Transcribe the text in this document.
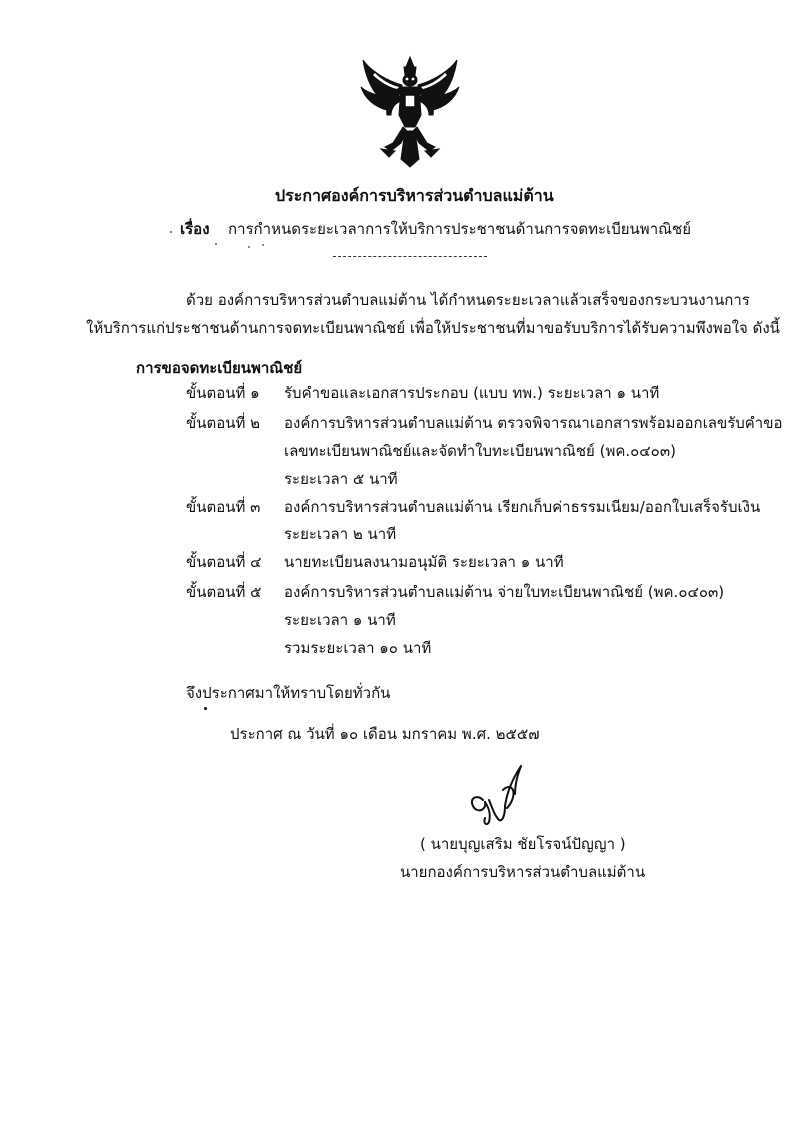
ประกาศองค์การบริหารส่วนตำบลแม่ต้าน
เรื่อง การกำหนดระยะเวลาการให้บริการประชาชนด้านการจดทะเบียนพาณิชย์
ด้วย องค์การบริหารส่วนตำบลแม่ต้าน ได้กำหนดระยะเวลาแล้วเสร็จของกระบวนงานการ
ให้บริการแก่ประชาชนด้านการจดทะเบียนพาณิชย์ เพื่อให้ประชาชนที่มาขอรับบริการได้รับความพึงพอใจ ดังนี้
การขอจดทะเบียนพาณิชย์
ขั้นตอนที่ ๑ รับคำขอและเอกสารประกอบ (แบบ ทพ.) ระยะเวลา ๑ นาที
ขั้นตอนที่ ๒ องค์การบริหารส่วนตำบลแม่ต้าน ตรวจพิจารณาเอกสารพร้อมออกเลขรับคำขอ
เลขทะเบียนพาณิชย์และจัดทำใบทะเบียนพาณิชย์ (พค.๐๔๐๓)
ระยะเวลา ๕ นาที
ขั้นตอนที่ ๓ องค์การบริหารส่วนตำบลแม่ต้าน เรียกเก็บค่าธรรมเนียม/ออกใบเสร็จรับเงิน
ระยะเวลา ๒ นาที
ขั้นตอนที่ ๔ นายทะเบียนลงนามอนุมัติ ระยะเวลา ๑ นาที
ขั้นตอนที่ ๕ องค์การบริหารส่วนตำบลแม่ต้าน จ่ายใบทะเบียนพาณิชย์ (พค.๐๔๐๓)
ระยะเวลา ๑ นาที
รวมระยะเวลา ๑๐ นาที
จึงประกาศมาให้ทราบโดยทั่วกัน
ประกาศ ณ วันที่ ๑๐ เดือน มกราคม พ.ศ. ๒๕๕๗
( นายบุญเสริม ชัยโรจน์ปัญญา )
นายกองค์การบริหารส่วนตำบลแม่ต้าน
